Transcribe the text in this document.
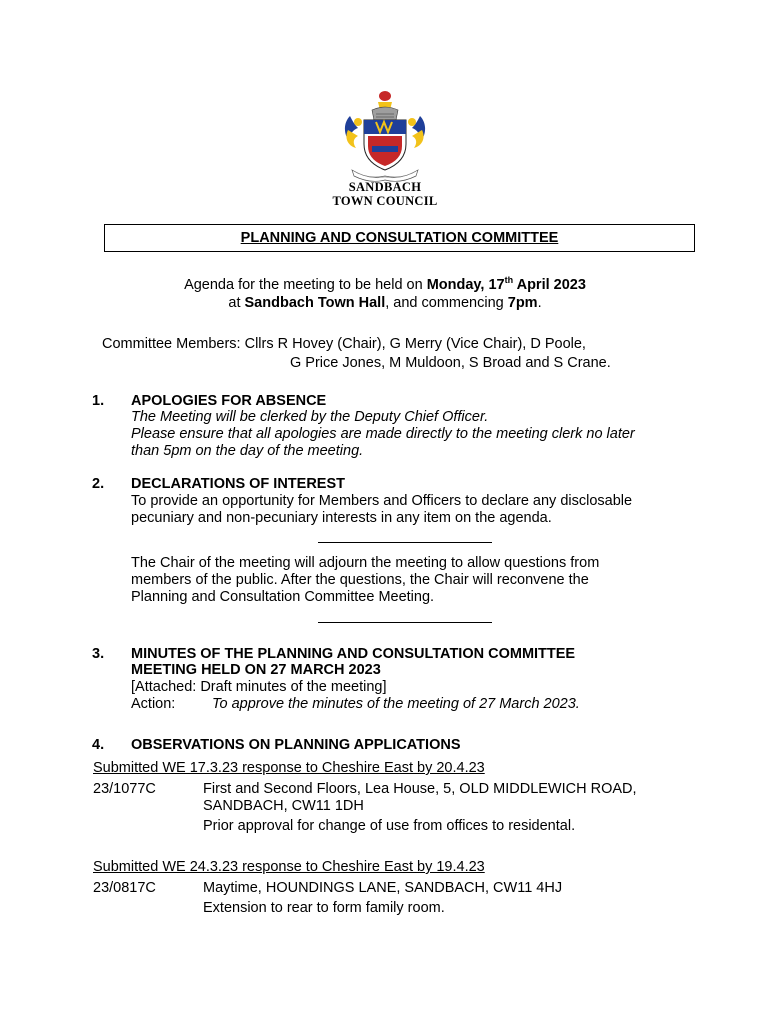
SANDBACH
TOWN COUNCIL
PLANNING AND CONSULTATION COMMITTEE
Agenda for the meeting to be held on Monday, 17th April 2023
at Sandbach Town Hall, and commencing 7pm.
Committee Members: Cllrs R Hovey (Chair), G Merry (Vice Chair), D Poole,
G Price Jones, M Muldoon, S Broad and S Crane.
1. APOLOGIES FOR ABSENCE
The Meeting will be clerked by the Deputy Chief Officer.
Please ensure that all apologies are made directly to the meeting clerk no later
than 5pm on the day of the meeting.
2. DECLARATIONS OF INTEREST
To provide an opportunity for Members and Officers to declare any disclosable
pecuniary and non-pecuniary interests in any item on the agenda.
The Chair of the meeting will adjourn the meeting to allow questions from
members of the public. After the questions, the Chair will reconvene the
Planning and Consultation Committee Meeting.
3. MINUTES OF THE PLANNING AND CONSULTATION COMMITTEE
MEETING HELD ON 27 MARCH 2023
[Attached: Draft minutes of the meeting]
Action:	To approve the minutes of the meeting of 27 March 2023.
4. OBSERVATIONS ON PLANNING APPLICATIONS
Submitted WE 17.3.23 response to Cheshire East by 20.4.23
23/1077C	First and Second Floors, Lea House, 5, OLD MIDDLEWICH ROAD,
SANDBACH, CW11 1DH
Prior approval for change of use from offices to residental.
Submitted WE 24.3.23 response to Cheshire East by 19.4.23
23/0817C	Maytime, HOUNDINGS LANE, SANDBACH, CW11 4HJ
Extension to rear to form family room.
